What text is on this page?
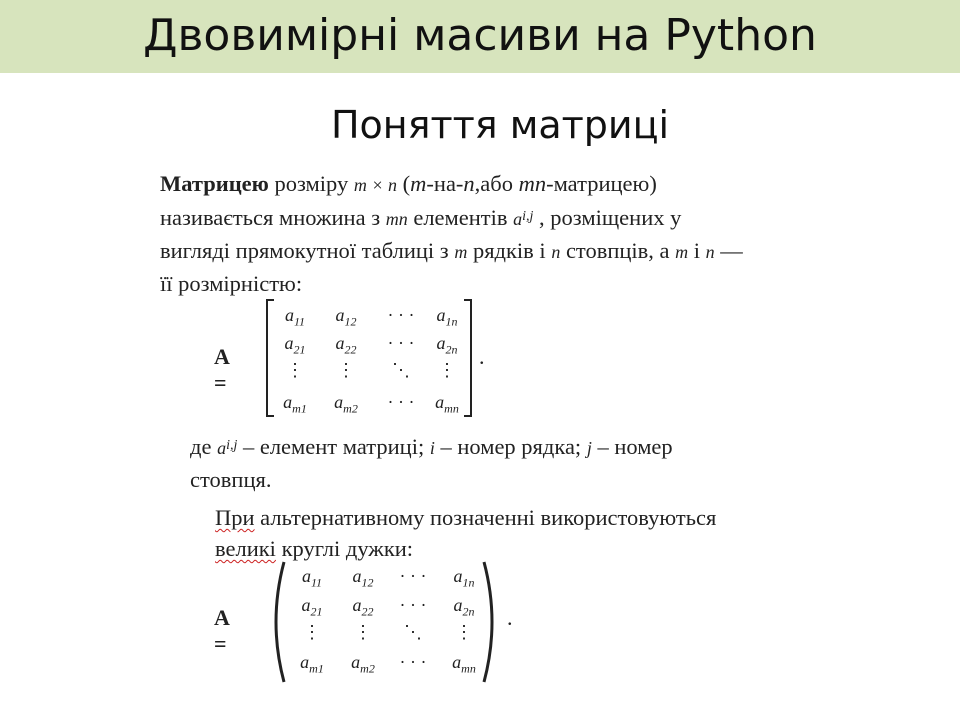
Двовимірні масиви на Python
Поняття матриці
Матрицею розміру m × n (m-на-n,або mn-матрицею)
називається множина з mn елементів $a^{i,j}$ , розміщених у
вигляді прямокутної таблиці з m рядків і n стовпців, а m і n —
її розмірністю:
A =
$a_{11}$	$a_{12}$	· · ·	$a_{1n}$
$a_{21}$	$a_{22}$	· · ·	$a_{2n}$
⋮	⋮	⋱	⋮
$a_{m1}$	$a_{m2}$	· · ·	$a_{mn}$
.
де $a^{i,j}$ – елемент матриці; i – номер рядка; j – номер
стовпця.
При альтернативному позначенні використовуються
великі круглі дужки:
A =
$a_{11}$	$a_{12}$	· · ·	$a_{1n}$
$a_{21}$	$a_{22}$	· · ·	$a_{2n}$
⋮	⋮	⋱	⋮
$a_{m1}$	$a_{m2}$	· · ·	$a_{mn}$
.
